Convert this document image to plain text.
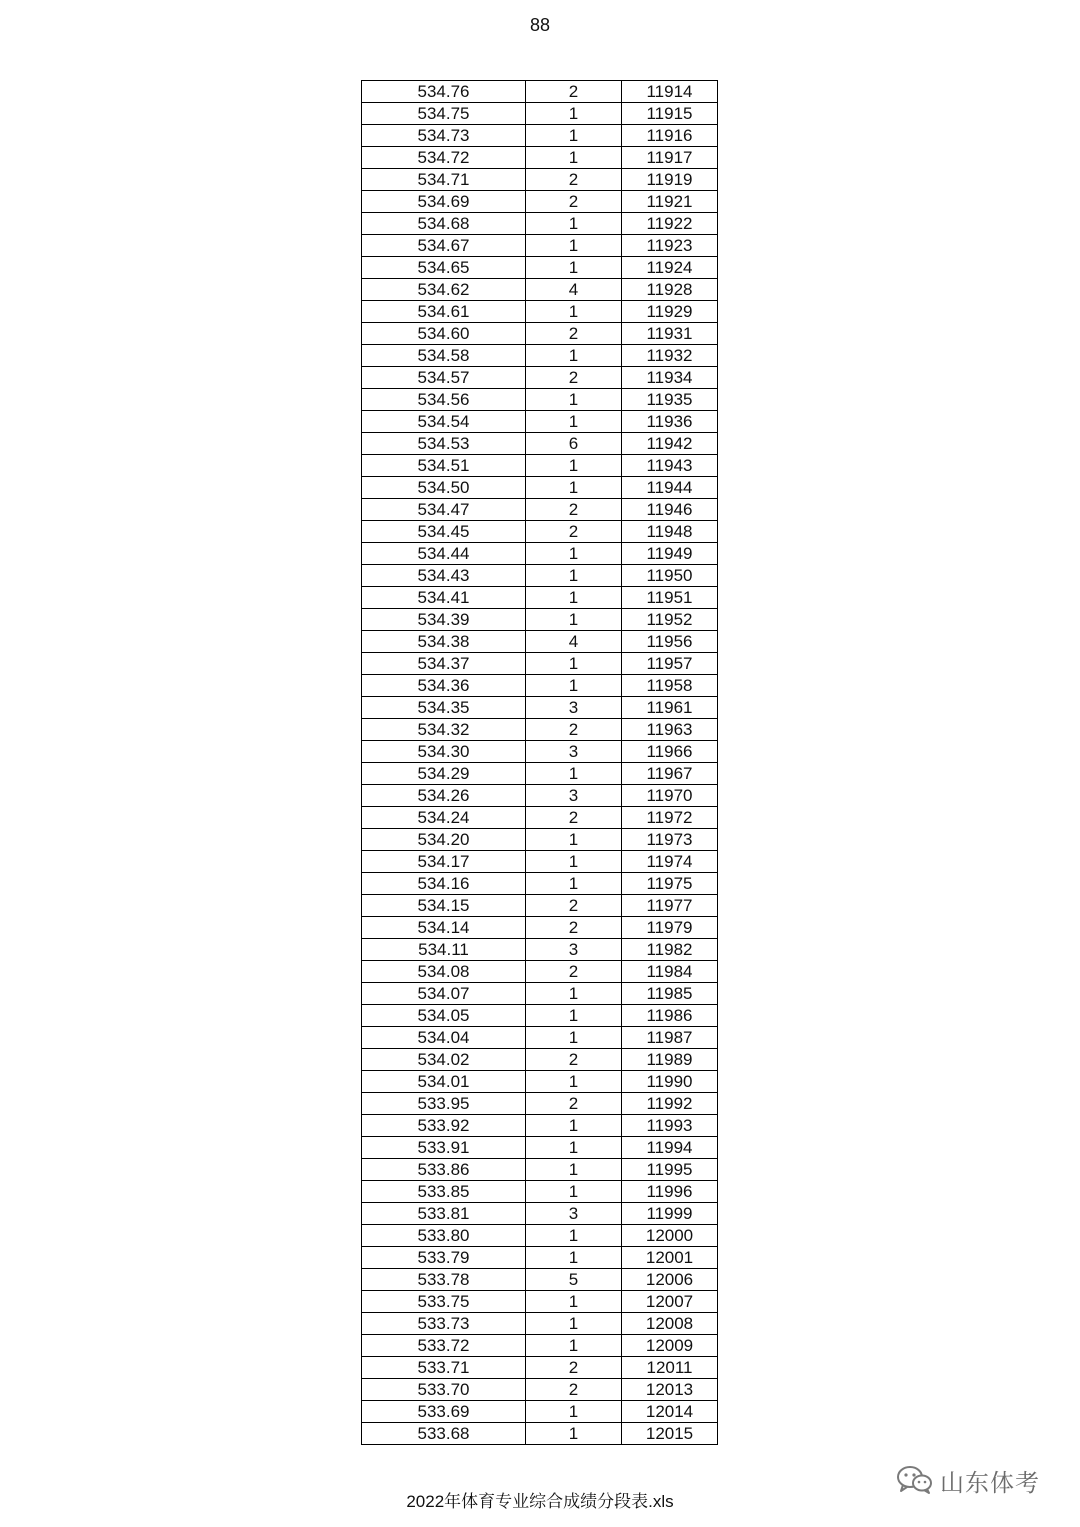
88
534.76	2	11914
534.75	1	11915
534.73	1	11916
534.72	1	11917
534.71	2	11919
534.69	2	11921
534.68	1	11922
534.67	1	11923
534.65	1	11924
534.62	4	11928
534.61	1	11929
534.60	2	11931
534.58	1	11932
534.57	2	11934
534.56	1	11935
534.54	1	11936
534.53	6	11942
534.51	1	11943
534.50	1	11944
534.47	2	11946
534.45	2	11948
534.44	1	11949
534.43	1	11950
534.41	1	11951
534.39	1	11952
534.38	4	11956
534.37	1	11957
534.36	1	11958
534.35	3	11961
534.32	2	11963
534.30	3	11966
534.29	1	11967
534.26	3	11970
534.24	2	11972
534.20	1	11973
534.17	1	11974
534.16	1	11975
534.15	2	11977
534.14	2	11979
534.11	3	11982
534.08	2	11984
534.07	1	11985
534.05	1	11986
534.04	1	11987
534.02	2	11989
534.01	1	11990
533.95	2	11992
533.92	1	11993
533.91	1	11994
533.86	1	11995
533.85	1	11996
533.81	3	11999
533.80	1	12000
533.79	1	12001
533.78	5	12006
533.75	1	12007
533.73	1	12008
533.72	1	12009
533.71	2	12011
533.70	2	12013
533.69	1	12014
533.68	1	12015
山东体考
2022年体育专业综合成绩分段表.xls
